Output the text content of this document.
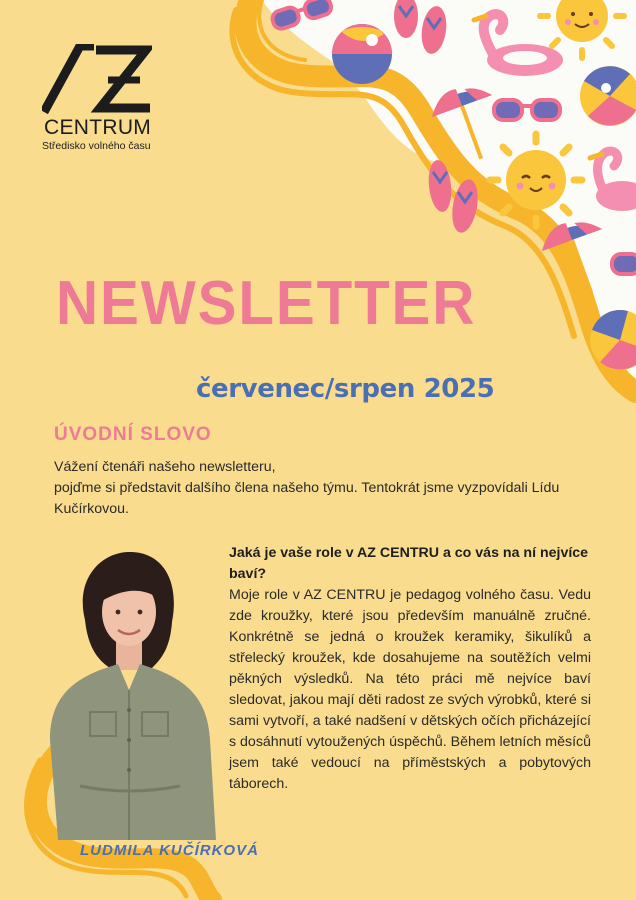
CENTRUM
Středisko volného času
NEWSLETTER
červenec/srpen 2025
ÚVODNÍ SLOVO

Vážení čtenáři našeho newsletteru,

pojďme si představit dalšího člena našeho týmu. Tentokrát jsme vyzpovídali Lídu Kučírkovou.

LUDMILA KUČÍRKOVÁ

Jaká je vaše role v AZ CENTRU a co vás na ní nejvíce baví?

Moje role v AZ CENTRU je pedagog volného času. Vedu zde kroužky, které jsou především manuálně zručné. Konkrétně se jedná o kroužek keramiky, šikulíků a střelecký kroužek, kde dosahujeme na soutěžích velmi pěkných výsledků. Na této práci mě nejvíce baví sledovat, jakou mají děti radost ze svých výrobků, které si sami vytvoří, a také nadšení v dětských očích přicházející s dosáhnutí vytoužených úspěchů. Během letních měsíců jsem také vedoucí na příměstských a pobytových táborech.
